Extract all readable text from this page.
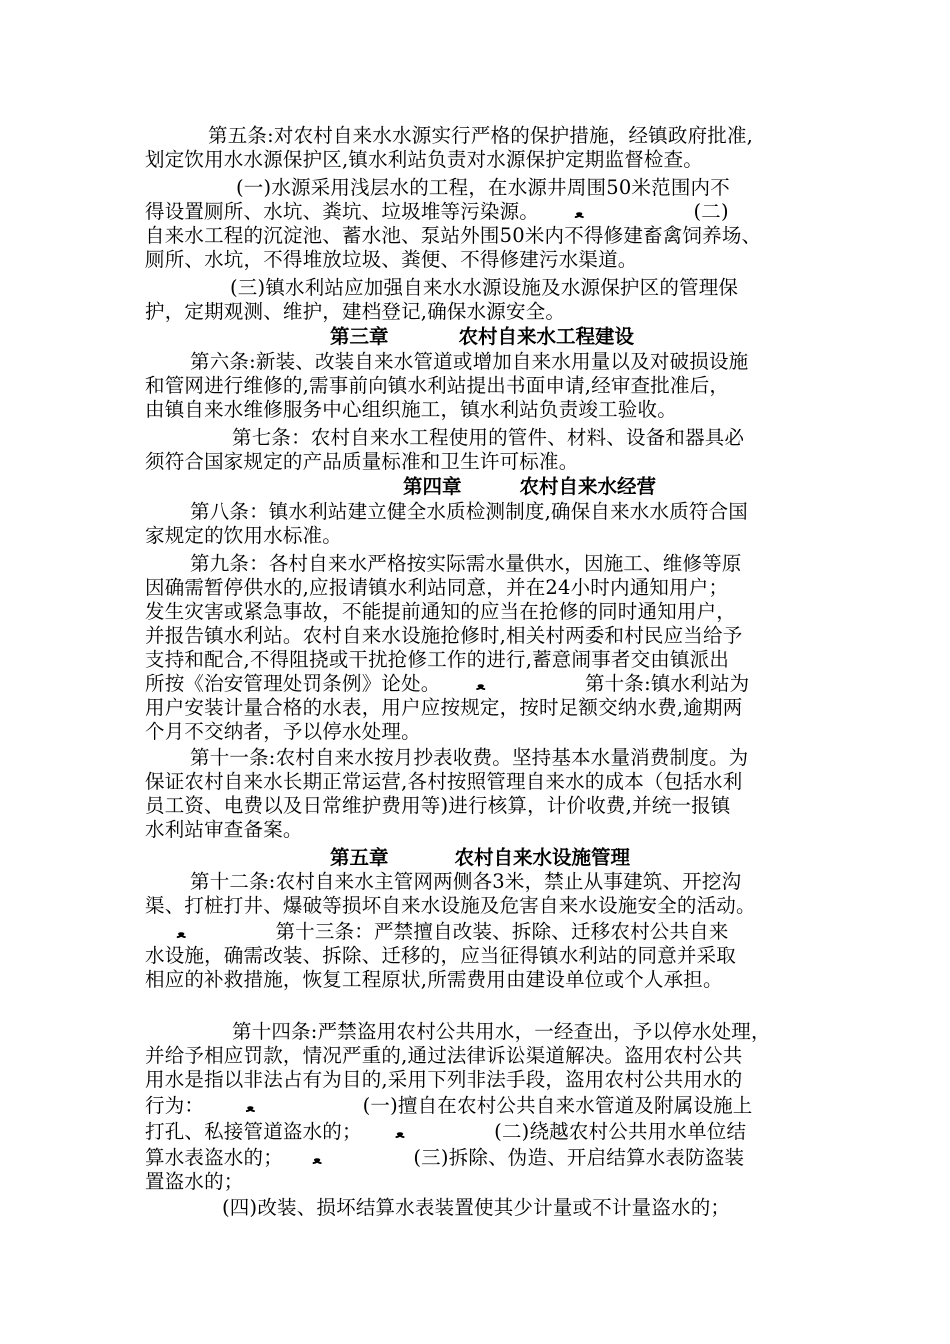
第五条:对农村自来水水源实行严格的保护措施，经镇政府批准,
划定饮用水水源保护区,镇水利站负责对水源保护定期监督检查。
(一)水源采用浅层水的工程，在水源井周围50米范围内不
得设置厕所、水坑、粪坑、垃圾堆等污染源。 ﻌ	(二)
自来水工程的沉淀池、蓄水池、泵站外围50米内不得修建畜禽饲养场、
厕所、水坑，不得堆放垃圾、粪便、不得修建污水渠道。
(三)镇水利站应加强自来水水源设施及水源保护区的管理保
护，定期观测、维护，建档登记,确保水源安全。
第三章	农村自来水工程建设
第六条:新装、改装自来水管道或增加自来水用量以及对破损设施
和管网进行维修的,需事前向镇水利站提出书面申请,经审查批准后，
由镇自来水维修服务中心组织施工，镇水利站负责竣工验收。
第七条：农村自来水工程使用的管件、材料、设备和器具必
须符合国家规定的产品质量标准和卫生许可标准。
第四章	农村自来水经营
第八条：镇水利站建立健全水质检测制度,确保自来水水质符合国
家规定的饮用水标准。
第九条：各村自来水严格按实际需水量供水，因施工、维修等原
因确需暂停供水的,应报请镇水利站同意，并在24小时内通知用户；
发生灾害或紧急事故，不能提前通知的应当在抢修的同时通知用户，
并报告镇水利站。农村自来水设施抢修时,相关村两委和村民应当给予
支持和配合,不得阻挠或干扰抢修工作的进行,蓄意闹事者交由镇派出
所按《治安管理处罚条例》论处。 ﻌ	第十条:镇水利站为
用户安装计量合格的水表，用户应按规定，按时足额交纳水费,逾期两
个月不交纳者，予以停水处理。
第十一条:农村自来水按月抄表收费。坚持基本水量消费制度。为
保证农村自来水长期正常运营,各村按照管理自来水的成本（包括水利
员工资、电费以及日常维护费用等)进行核算，计价收费,并统一报镇
水利站审查备案。
第五章	农村自来水设施管理
第十二条:农村自来水主管网两侧各3米，禁止从事建筑、开挖沟
渠、打桩打井、爆破等损坏自来水设施及危害自来水设施安全的活动。
ﻌ	第十三条：严禁擅自改装、拆除、迁移农村公共自来
水设施，确需改装、拆除、迁移的，应当征得镇水利站的同意并采取
相应的补救措施，恢复工程原状,所需费用由建设单位或个人承担。
第十四条:严禁盗用农村公共用水，一经查出，予以停水处理，
并给予相应罚款，情况严重的,通过法律诉讼渠道解决。盗用农村公共
用水是指以非法占有为目的,采用下列非法手段，盗用农村公共用水的
行为：	ﻌ	(一)擅自在农村公共自来水管道及附属设施上
打孔、私接管道盗水的； ﻌ	(二)绕越农村公共用水单位结
算水表盗水的； ﻌ	(三)拆除、伪造、开启结算水表防盗装
置盗水的；
(四)改装、损坏结算水表装置使其少计量或不计量盗水的；
